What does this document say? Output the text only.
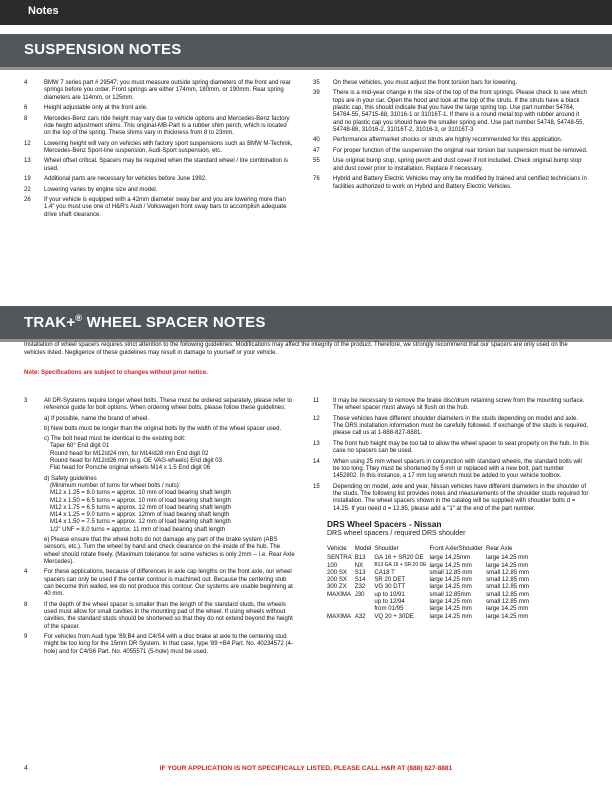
Notes
SUSPENSION NOTES
4	BMW 7 series part # 29547; you must measure outside spring diameters of the front and rear springs before you order. Front springs are either 174mm, 180mm, or 190mm. Rear spring diameters are 114mm, or 125mm.
6	Height adjustable only at the front axle.
8	Mercedes-Benz cars ride height may vary due to vehicle options and Mercedes-Benz factory ride height adjustment shims. This original-MB-Part is a rubber shim perch, which is located on the top of the spring. These shims vary in thickness from 8 to 23mm.
12	Lowering height will vary on vehicles with factory sport suspensions such as BMW M-Technik, Mercedes-Benz Sport-line suspension, Audi-Sport suspension, etc.
13	Wheel offset critical. Spacers may be required when the standard wheel / tire combination is used.
19	Additional parts are necessary for vehicles before June 1992.
22	Lowering varies by engine size and model.
26	If your vehicle is equipped with a 42mm diameter sway bar and you are lowering more than 1.4" you must use one of H&R's Audi / Volkswagen front sway bars to accomplish adequate drive shaft clearance.
35	On these vehicles, you must adjust the front torsion bars for lowering.
39	There is a mid-year change in the size of the top of the front springs. Please check to see which tops are in your car. Open the hood and look at the top of the struts. If the struts have a black plastic cap, this should indicate that you have the large spring top. Use part number 54764, 54764-55, 54715-88, 31016-1 or 31016T-1. If there is a round metal top with rubber around it and no plastic cap you should have the smaller spring end. Use part number 54748, 54748-55, 54748-88, 31016-2, 31016T-2, 31016-3, or 31016T-3
40	Performance aftermarket shocks or struts are highly recommended for this application.
47	For proper function of the suspension the original rear torsion bar suspension must be removed.
55	Use original bump stop, spring perch and dust cover if not included. Check original bump stop and dust cover prior to installation. Replace if necessary.
76	Hybrid and Battery Electric Vehicles may only be modified by trained and certified technicians in facilities authorized to work on Hybrid and Battery Electric Vehicles.
TRAK+® WHEEL SPACER NOTES
Installation of wheel spacers requires strict attention to the following guidelines. Modifications may affect the integrity of the product. Therefore, we strongly recommend that our spacers are only used on the vehicles listed. Negligence of these guidelines may result in damage to yourself or your vehicle.
Note: Specifications are subject to changes without prior notice.
3	All DR-Systems require longer wheel bolts. These must be ordered separately, please refer to reference guide for bolt options. When ordering wheel bolts, please follow these guidelines:
a) If possible, name the brand of wheel.
b) New bolts must be longer than the original bolts by the width of the wheel spacer used.
c) The bolt head must be identical to the existing bolt:
Taper 60° End digit 01
Round head for M12/d24 mm, for M14/d28 mm End digit 02
Round head for M12/d26 mm (e.g. OE VAG-wheels) End digit 03
Flat head for Porsche original wheels M14 x 1.5 End digit 06
d) Safety guidelines
(Minimum number of turns for wheel bolts / nuts):
M12 x 1.25 = 8.0 turns = approx. 10 mm of load bearing shaft length
M12 x 1.50 = 6.5 turns = approx. 10 mm of load bearing shaft length
M12 x 1.75 = 6.5 turns = approx. 12 mm of load bearing shaft length
M14 x 1.25 = 9.0 turns = approx. 12mm of load bearing shaft length
M14 x 1.50 = 7.5 turns = approx. 12 mm of load bearing shaft length
1/2" UNF = 8.0 turns = approx. 11 mm of load bearing shaft length
e) Please ensure that the wheel bolts do not damage any part of the brake system (ABS sensors, etc.). Turn the wheel by hand and check clearance on the inside of the hub. The wheel should rotate freely. (Maximum tolerance for some vehicles is only 2mm -- i.e. Rear Axle Mercedes).
4	For these applications, because of differences in axle cap lengths on the front axle, our wheel spacers can only be used if the center contour is machined out. Because the centering stub can become thin walled, we do not produce this contour. Our systems are usable beginning at 40 mm.
8	If the depth of the wheel spacer is smaller than the length of the standard studs, the wheels used must allow for small cavities in the mounting pad of the wheel. If using wheels without cavities, the standard studs should be shortened so that they do not extend beyond the height of the spacer.
9	For vehicles from Audi type '89,B4 and C4/S4 with a disc brake at axle to the centering stud might be too long for the 15mm DR System. In that case, type '89 +B4 Part. No. 40234572 (4-hole) and for C4/S6 Part. No. 4055571 (5-hole) must be used.
11	It may be necessary to remove the brake disc/drum retaining screw from the mounting surface. The wheel spacer must always sit flush on the hub.
12	These vehicles have different shoulder diameters in the studs depending on model and axle. The DRS installation information must be carefully followed. If exchange of the studs is required, please call us at 1-888-827-8881.
13	The front hub height may be too tall to allow the wheel spacer to seat properly on the hub. In this case no spacers can be used.
14	When using 25 mm wheel spacers in conjunction with standard wheels, the standard bolts will be too long. They must be shortened by 5 mm or replaced with a new bolt, part number 1452802. In this instance, a 17 mm lug wrench must be added to your vehicle toolbox.
15	Depending on model, axle and year, Nissan vehicles have different diameters in the shoulder of the studs. The following list provides notes and measurements of the shoulder studs required for installation. The wheel spacers shown in the catalog will be supplied with shoulder bolts d = 14.25. If you need d = 12.85, please add a "1" at the end of the part number.
DRS Wheel Spacers - Nissan
DRS wheel spacers / required DRS shoulder
Vehicle	Model	Shoulder	Front Axle/Shoulder	Rear Axle
SENTRA	B13	GA 16 + SR20 DE	large 14.25mm	large 14.25 mm
100	NX	B13 GA 16 + SR 20 DE	large 14.25 mm	large 14.25 mm
200 SX	S13	CA18 T	small 12.85 mm	small 12.85 mm
200 SX	S14	SR 20 DET	large 14.25 mm	small 12.85 mm
300 ZX	Z32	VG 30 DTT	large 14.25 mm	small 12.85 mm
MAXIMA	J30	up to 10/91	small 12.85mm	small 12.85 mm
		up to 12/94	large 14.25 mm	small 12.85 mm
		from 01/95	large 14.25 mm	large 14.25 mm
MAXIMA	A32	VQ 20 + 30DE	large 14.25 mm	large 14.25 mm
4	IF YOUR APPLICATION IS NOT SPECIFICALLY LISTED, PLEASE CALL H&R AT (888) 827-8881
